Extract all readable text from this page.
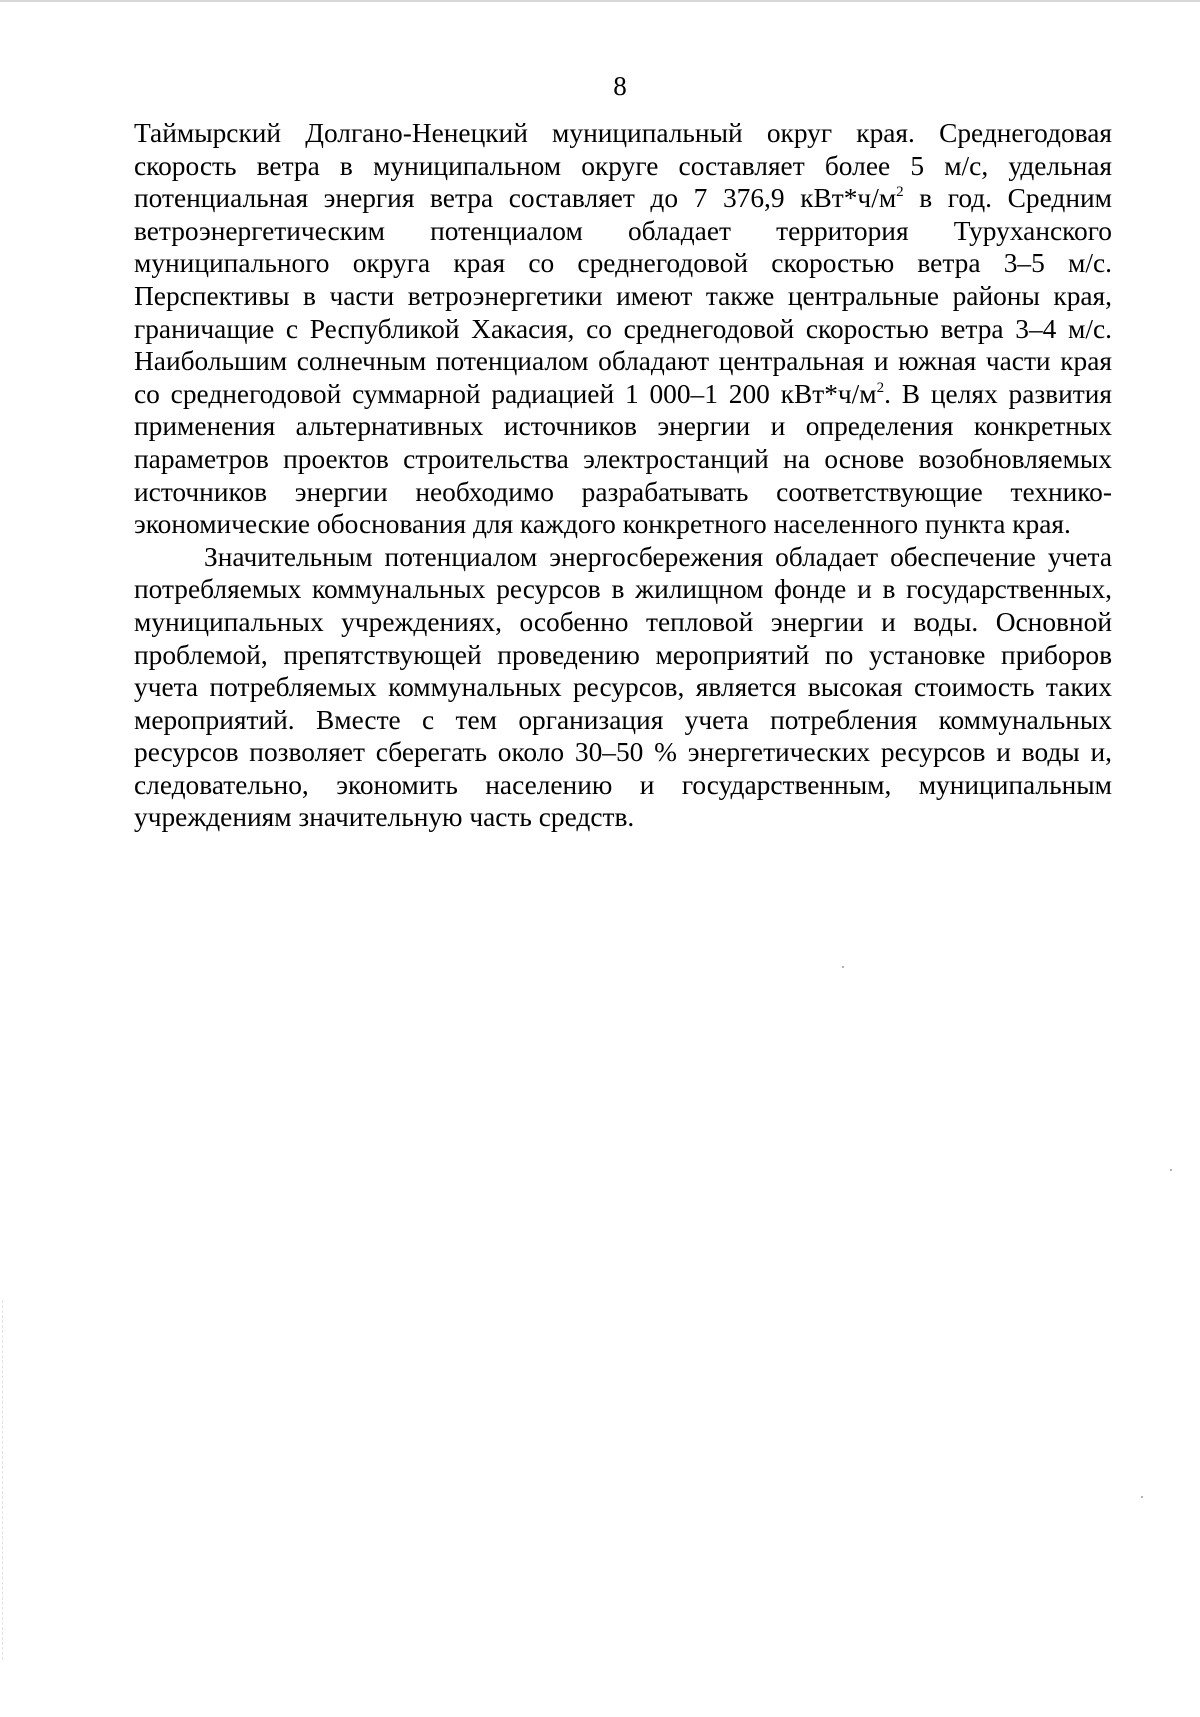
8

Таймырский Долгано-Ненецкий муниципальный округ края. Среднегодовая скорость ветра в муниципальном округе составляет более 5 м/с, удельная потенциальная энергия ветра составляет до 7 376,9 $кВт*ч/м^2$ в год. Средним ветроэнергетическим потенциалом обладает территория Туруханского муниципального округа края со среднегодовой скоростью ветра 3–5 м/с. Перспективы в части ветроэнергетики имеют также центральные районы края, граничащие с Республикой Хакасия, со среднегодовой скоростью ветра 3–4 м/с. Наибольшим солнечным потенциалом обладают центральная и южная части края со среднегодовой суммарной радиацией 1 000–1 200 $кВт*ч/м^2$. В целях развития применения альтернативных источников энергии и определения конкретных параметров проектов строительства электростанций на основе возобновляемых источников энергии необходимо разрабатывать соответствующие технико-экономические обоснования для каждого конкретного населенного пункта края.

Значительным потенциалом энергосбережения обладает обеспечение учета потребляемых коммунальных ресурсов в жилищном фонде и в государственных, муниципальных учреждениях, особенно тепловой энергии и воды. Основной проблемой, препятствующей проведению мероприятий по установке приборов учета потребляемых коммунальных ресурсов, является высокая стоимость таких мероприятий. Вместе с тем организация учета потребления коммунальных ресурсов позволяет сберегать около 30–50 % энергетических ресурсов и воды и, следовательно, экономить населению и государственным, муниципальным учреждениям значительную часть средств.
